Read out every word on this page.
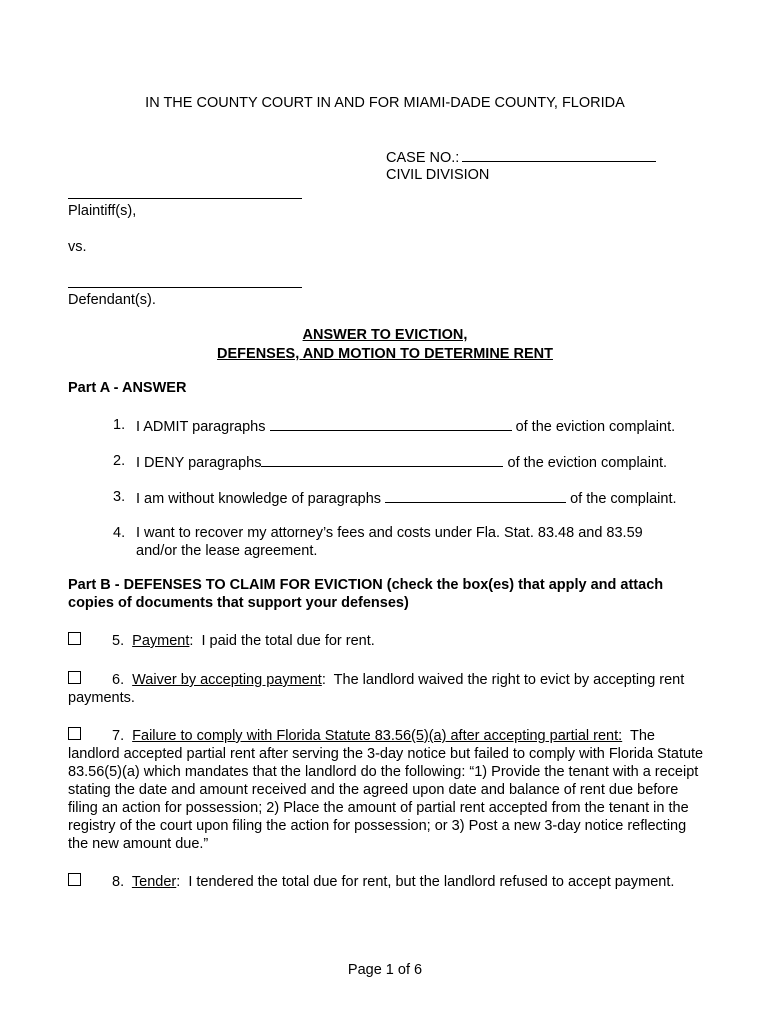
IN THE COUNTY COURT IN AND FOR MIAMI-DADE COUNTY, FLORIDA
CASE NO.:
CIVIL DIVISION
Plaintiff(s),
vs.
Defendant(s).
ANSWER TO EVICTION,
DEFENSES, AND MOTION TO DETERMINE RENT
Part A - ANSWER
1. I ADMIT paragraphs	of the eviction complaint.
2. I DENY paragraphs	of the eviction complaint.
3. I am without knowledge of paragraphs	of the complaint.
4. I want to recover my attorney’s fees and costs under Fla. Stat. 83.48 and 83.59 and/or the lease agreement.
Part B - DEFENSES TO CLAIM FOR EVICTION (check the box(es) that apply and attach copies of documents that support your defenses)
5. Payment: I paid the total due for rent.
6. Waiver by accepting payment: The landlord waived the right to evict by accepting rent payments.
7. Failure to comply with Florida Statute 83.56(5)(a) after accepting partial rent: The landlord accepted partial rent after serving the 3-day notice but failed to comply with Florida Statute 83.56(5)(a) which mandates that the landlord do the following: “1) Provide the tenant with a receipt stating the date and amount received and the agreed upon date and balance of rent due before filing an action for possession; 2) Place the amount of partial rent accepted from the tenant in the registry of the court upon filing the action for possession; or 3) Post a new 3-day notice reflecting the new amount due.”
8. Tender: I tendered the total due for rent, but the landlord refused to accept payment.
Page 1 of 6
